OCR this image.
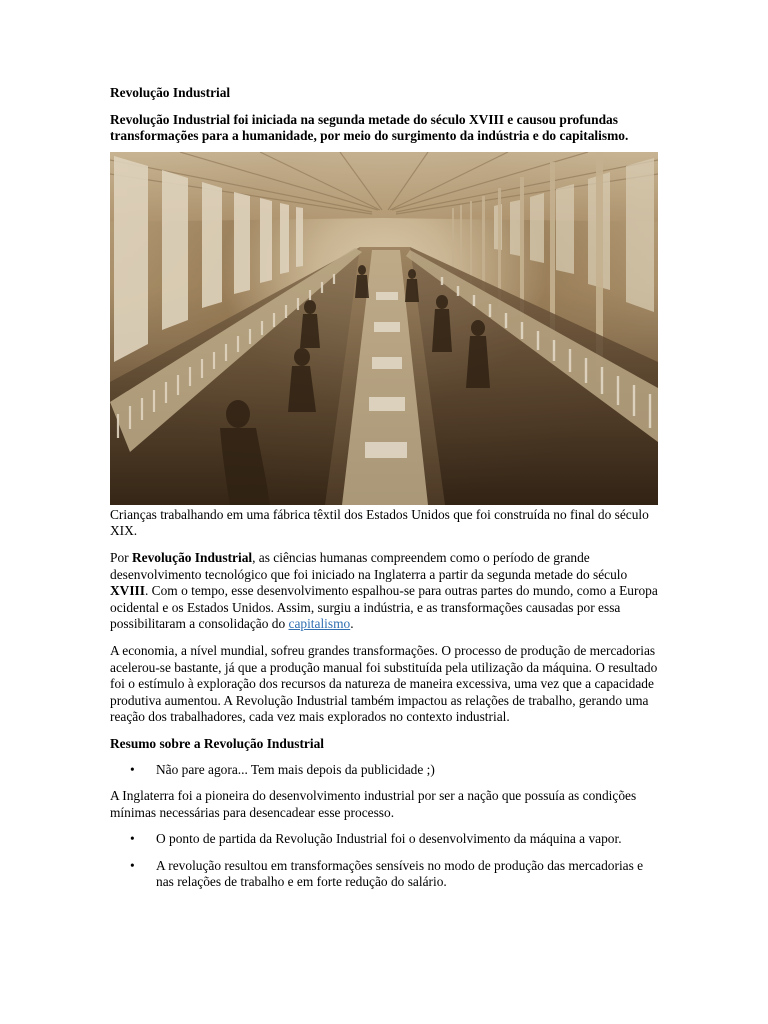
Revolução Industrial
Revolução Industrial foi iniciada na segunda metade do século XVIII e causou profundas transformações para a humanidade, por meio do surgimento da indústria e do capitalismo.
Crianças trabalhando em uma fábrica têxtil dos Estados Unidos que foi construída no final do século XIX.

Por Revolução Industrial, as ciências humanas compreendem como o período de grande desenvolvimento tecnológico que foi iniciado na Inglaterra a partir da segunda metade do século XVIII. Com o tempo, esse desenvolvimento espalhou-se para outras partes do mundo, como a Europa ocidental e os Estados Unidos. Assim, surgiu a indústria, e as transformações causadas por essa possibilitaram a consolidação do capitalismo.

A economia, a nível mundial, sofreu grandes transformações. O processo de produção de mercadorias acelerou-se bastante, já que a produção manual foi substituída pela utilização da máquina. O resultado foi o estímulo à exploração dos recursos da natureza de maneira excessiva, uma vez que a capacidade produtiva aumentou. A Revolução Industrial também impactou as relações de trabalho, gerando uma reação dos trabalhadores, cada vez mais explorados no contexto industrial.

Resumo sobre a Revolução Industrial
• Não pare agora... Tem mais depois da publicidade ;)

A Inglaterra foi a pioneira do desenvolvimento industrial por ser a nação que possuía as condições mínimas necessárias para desencadear esse processo.

• O ponto de partida da Revolução Industrial foi o desenvolvimento da máquina a vapor.
• A revolução resultou em transformações sensíveis no modo de produção das mercadorias e nas relações de trabalho e em forte redução do salário.
